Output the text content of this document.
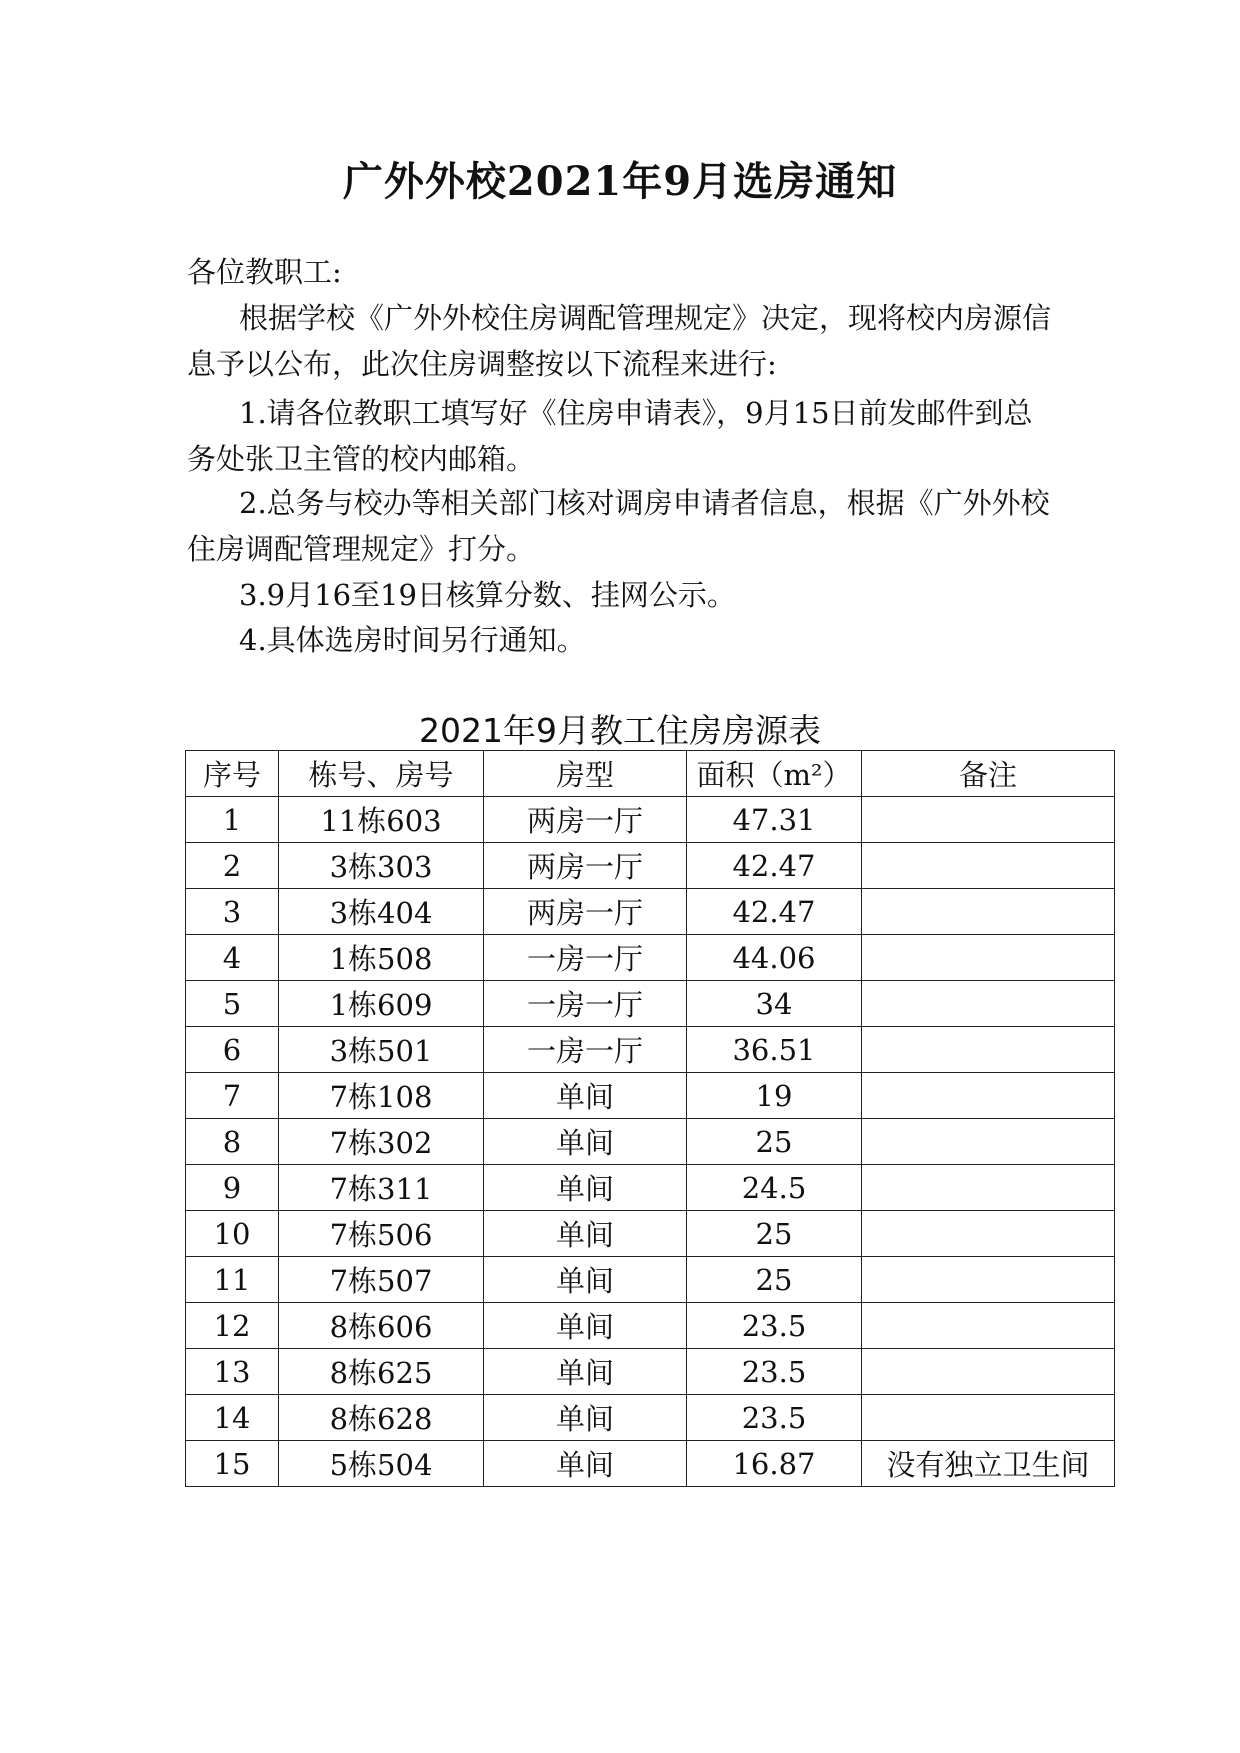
广外外校2021年9月选房通知
各位教职工:
根据学校《广外外校住房调配管理规定》决定，现将校内房源信息予以公布，此次住房调整按以下流程来进行:
1.请各位教职工填写好《住房申请表》，9月15日前发邮件到总务处张卫主管的校内邮箱。
2.总务与校办等相关部门核对调房申请者信息，根据《广外外校住房调配管理规定》打分。
3.9月16至19日核算分数、挂网公示。
4.具体选房时间另行通知。
2021年9月教工住房房源表
序号	栋号、房号	房型	面积（m²）	备注
1	11栋603	两房一厅	47.31	
2	3栋303	两房一厅	42.47	
3	3栋404	两房一厅	42.47	
4	1栋508	一房一厅	44.06	
5	1栋609	一房一厅	34	
6	3栋501	一房一厅	36.51	
7	7栋108	单间	19	
8	7栋302	单间	25	
9	7栋311	单间	24.5	
10	7栋506	单间	25	
11	7栋507	单间	25	
12	8栋606	单间	23.5	
13	8栋625	单间	23.5	
14	8栋628	单间	23.5	
15	5栋504	单间	16.87	没有独立卫生间
